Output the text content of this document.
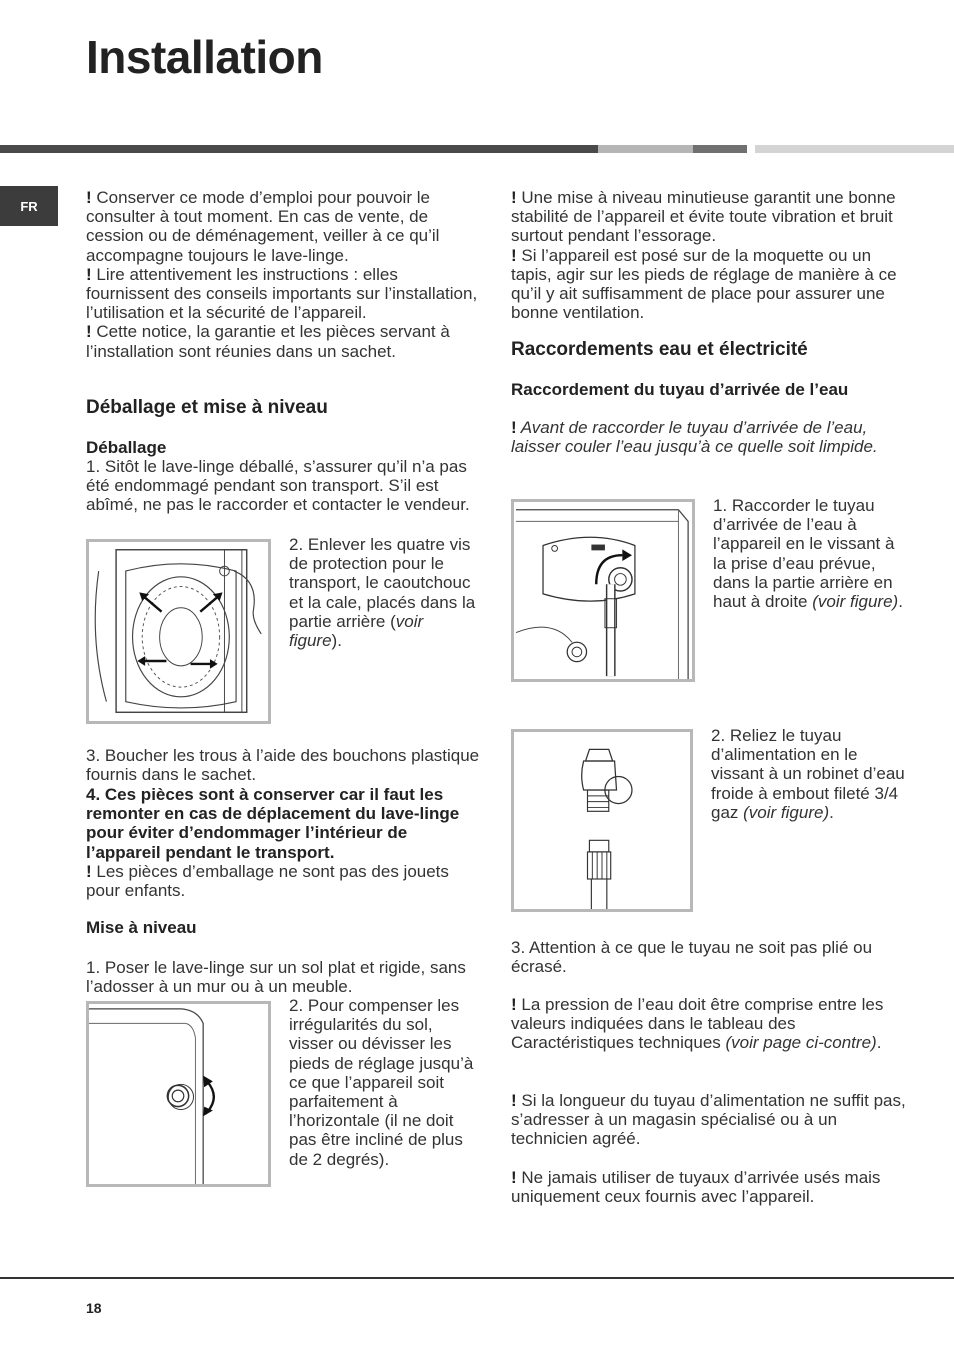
Installation
FR	! Conserver ce mode d’emploi pour pouvoir le consulter à tout moment. En cas de vente, de cession ou de déménagement, veiller à ce qu’il accompagne toujours le lave-linge.

! Lire attentivement les instructions : elles fournissent des conseils importants sur l’installation, l’utilisation et la sécurité de l’appareil.

! Cette notice, la garantie et les pièces servant à l’installation sont réunies dans un sachet.

Déballage et mise à niveau
Déballage
1. Sitôt le lave-linge déballé, s’assurer qu’il n’a pas été endommagé pendant son transport. S’il est abîmé, ne pas le raccorder et contacter le vendeur.
2. Enlever les quatre vis de protection pour le transport, le caoutchouc et la cale, placés dans la partie arrière (voir figure).
3. Boucher les trous à l’aide des bouchons plastique fournis dans le sachet.
4. Ces pièces sont à conserver car il faut les remonter en cas de déplacement du lave-linge pour éviter d’endommager l’intérieur de l’appareil pendant le transport.
! Les pièces d’emballage ne sont pas des jouets pour enfants.
Mise à niveau
1. Poser le lave-linge sur un sol plat et rigide, sans l’adosser à un mur ou à un meuble.
2. Pour compenser les irrégularités du sol, visser ou dévisser les pieds de réglage jusqu’à ce que l’appareil soit parfaitement à l’horizontale (il ne doit pas être incliné de plus de 2 degrés).

! Une mise à niveau minutieuse garantit une bonne stabilité de l’appareil et évite toute vibration et bruit surtout pendant l’essorage.

! Si l’appareil est posé sur de la moquette ou un tapis, agir sur les pieds de réglage de manière à ce qu’il y ait suffisamment de place pour assurer une bonne ventilation.

Raccordements eau et électricité
Raccordement du tuyau d’arrivée de l’eau
! Avant de raccorder le tuyau d’arrivée de l’eau, laisser couler l’eau jusqu’à ce quelle soit limpide.
1. Raccorder le tuyau d’arrivée de l’eau à l’appareil en le vissant à la prise d’eau prévue, dans la partie arrière en haut à droite (voir figure).
2. Reliez le tuyau d’alimentation en le vissant à un robinet d’eau froide à embout fileté 3/4 gaz (voir figure).
3. Attention à ce que le tuyau ne soit pas plié ou écrasé.
! La pression de l’eau doit être comprise entre les valeurs indiquées dans le tableau des Caractéristiques techniques (voir page ci-contre).
! Si la longueur du tuyau d’alimentation ne suffit pas, s’adresser à un magasin spécialisé ou à un technicien agréé.
! Ne jamais utiliser de tuyaux d’arrivée usés mais uniquement ceux fournis avec l’appareil.
18
